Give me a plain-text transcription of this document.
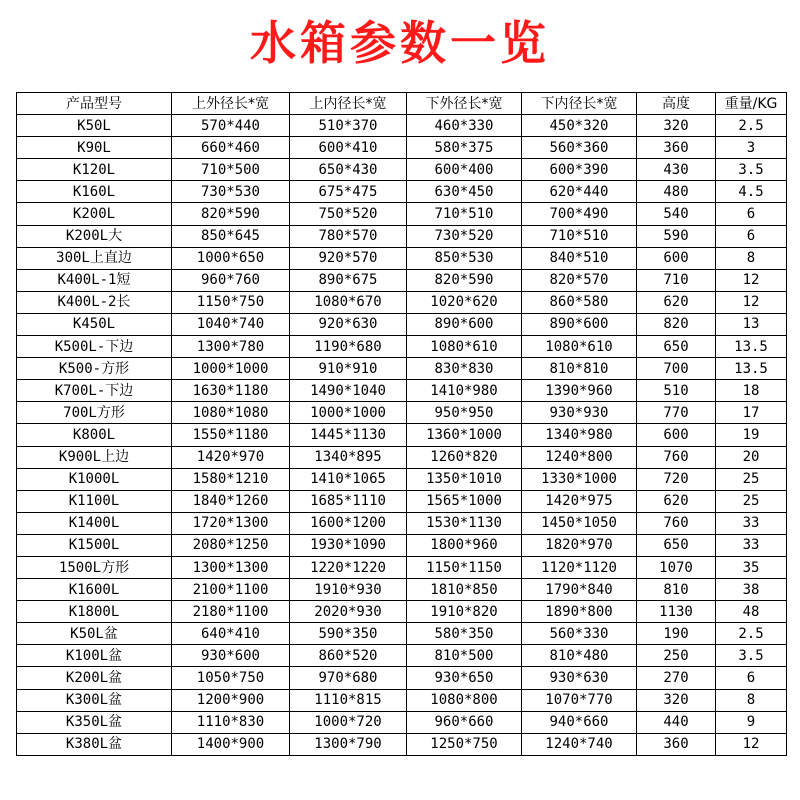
水箱参数一览
产品型号	上外径长*宽	上内径长*宽	下外径长*宽	下内径长*宽	高度	重量/KG
K50L	570*440	510*370	460*330	450*320	320	2.5
K90L	660*460	600*410	580*375	560*360	360	3
K120L	710*500	650*430	600*400	600*390	430	3.5
K160L	730*530	675*475	630*450	620*440	480	4.5
K200L	820*590	750*520	710*510	700*490	540	6
K200L大	850*645	780*570	730*520	710*510	590	6
300L上直边	1000*650	920*570	850*530	840*510	600	8
K400L-1短	960*760	890*675	820*590	820*570	710	12
K400L-2长	1150*750	1080*670	1020*620	860*580	620	12
K450L	1040*740	920*630	890*600	890*600	820	13
K500L-下边	1300*780	1190*680	1080*610	1080*610	650	13.5
K500-方形	1000*1000	910*910	830*830	810*810	700	13.5
K700L-下边	1630*1180	1490*1040	1410*980	1390*960	510	18
700L方形	1080*1080	1000*1000	950*950	930*930	770	17
K800L	1550*1180	1445*1130	1360*1000	1340*980	600	19
K900L上边	1420*970	1340*895	1260*820	1240*800	760	20
K1000L	1580*1210	1410*1065	1350*1010	1330*1000	720	25
K1100L	1840*1260	1685*1110	1565*1000	1420*975	620	25
K1400L	1720*1300	1600*1200	1530*1130	1450*1050	760	33
K1500L	2080*1250	1930*1090	1800*960	1820*970	650	33
1500L方形	1300*1300	1220*1220	1150*1150	1120*1120	1070	35
K1600L	2100*1100	1910*930	1810*850	1790*840	810	38
K1800L	2180*1100	2020*930	1910*820	1890*800	1130	48
K50L盆	640*410	590*350	580*350	560*330	190	2.5
K100L盆	930*600	860*520	810*500	810*480	250	3.5
K200L盆	1050*750	970*680	930*650	930*630	270	6
K300L盆	1200*900	1110*815	1080*800	1070*770	320	8
K350L盆	1110*830	1000*720	960*660	940*660	440	9
K380L盆	1400*900	1300*790	1250*750	1240*740	360	12
